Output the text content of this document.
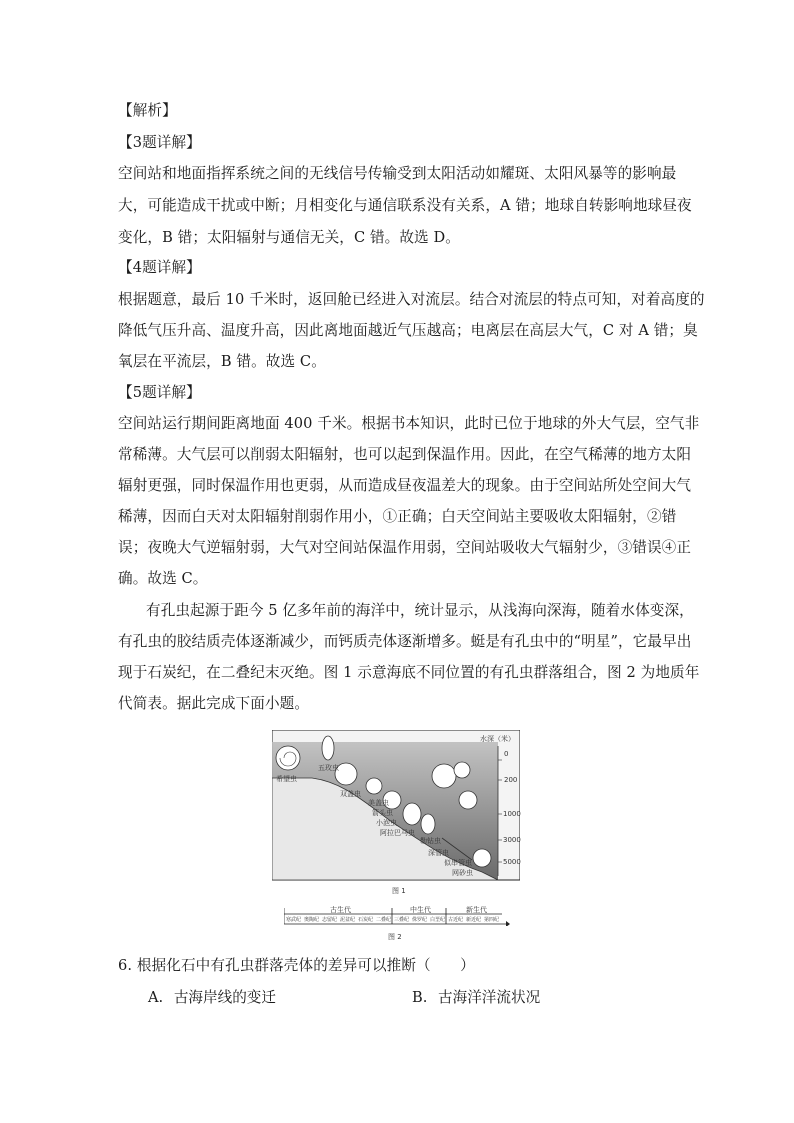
【解析】
【3题详解】
空间站和地面指挥系统之间的无线信号传输受到太阳活动如耀斑、太阳风暴等的影响最
大，可能造成干扰或中断；月相变化与通信联系没有关系，A 错；地球自转影响地球昼夜
变化，B 错；太阳辐射与通信无关，C 错。故选 D。
【4题详解】
根据题意，最后 10 千米时，返回舱已经进入对流层。结合对流层的特点可知，对着高度的
降低气压升高、温度升高，因此离地面越近气压越高；电离层在高层大气，C 对 A 错；臭
氧层在平流层，B 错。故选 C。
【5题详解】
空间站运行期间距离地面 400 千米。根据书本知识，此时已位于地球的外大气层，空气非
常稀薄。大气层可以削弱太阳辐射，也可以起到保温作用。因此，在空气稀薄的地方太阳
辐射更强，同时保温作用也更弱，从而造成昼夜温差大的现象。由于空间站所处空间大气
稀薄，因而白天对太阳辐射削弱作用小，①正确；白天空间站主要吸收太阳辐射，②错
误；夜晚大气逆辐射弱，大气对空间站保温作用弱，空间站吸收大气辐射少，③错误④正
确。故选 C。
有孔虫起源于距今 5 亿多年前的海洋中，统计显示，从浅海向深海，随着水体变深，
有孔虫的胶结质壳体逐渐减少，而钙质壳体逐渐增多。蜓是有孔虫中的“明星”，它最早出
现于石炭纪，在二叠纪末灭绝。图 1 示意海底不同位置的有孔虫群落组合，图 2 为地质年
代简表。据此完成下面小题。
水深（米）
0
200
1000
3000
5000
希望虫
五玫虫
双盖虫
美盖虫
箭头虫
小泡虫
阿拉巴马虫
勒钻虫
深管虫
似串管虫
网砂虫
图 1
古生代	中生代	新生代
寒武纪 奥陶纪 志留纪 泥盆纪 石炭纪 二叠纪 三叠纪 侏罗纪 白垩纪 古近纪 新近纪 第四纪
图 2
6. 根据化石中有孔虫群落壳体的差异可以推断（　　）
A. 古海岸线的变迁	B. 古海洋洋流状况
